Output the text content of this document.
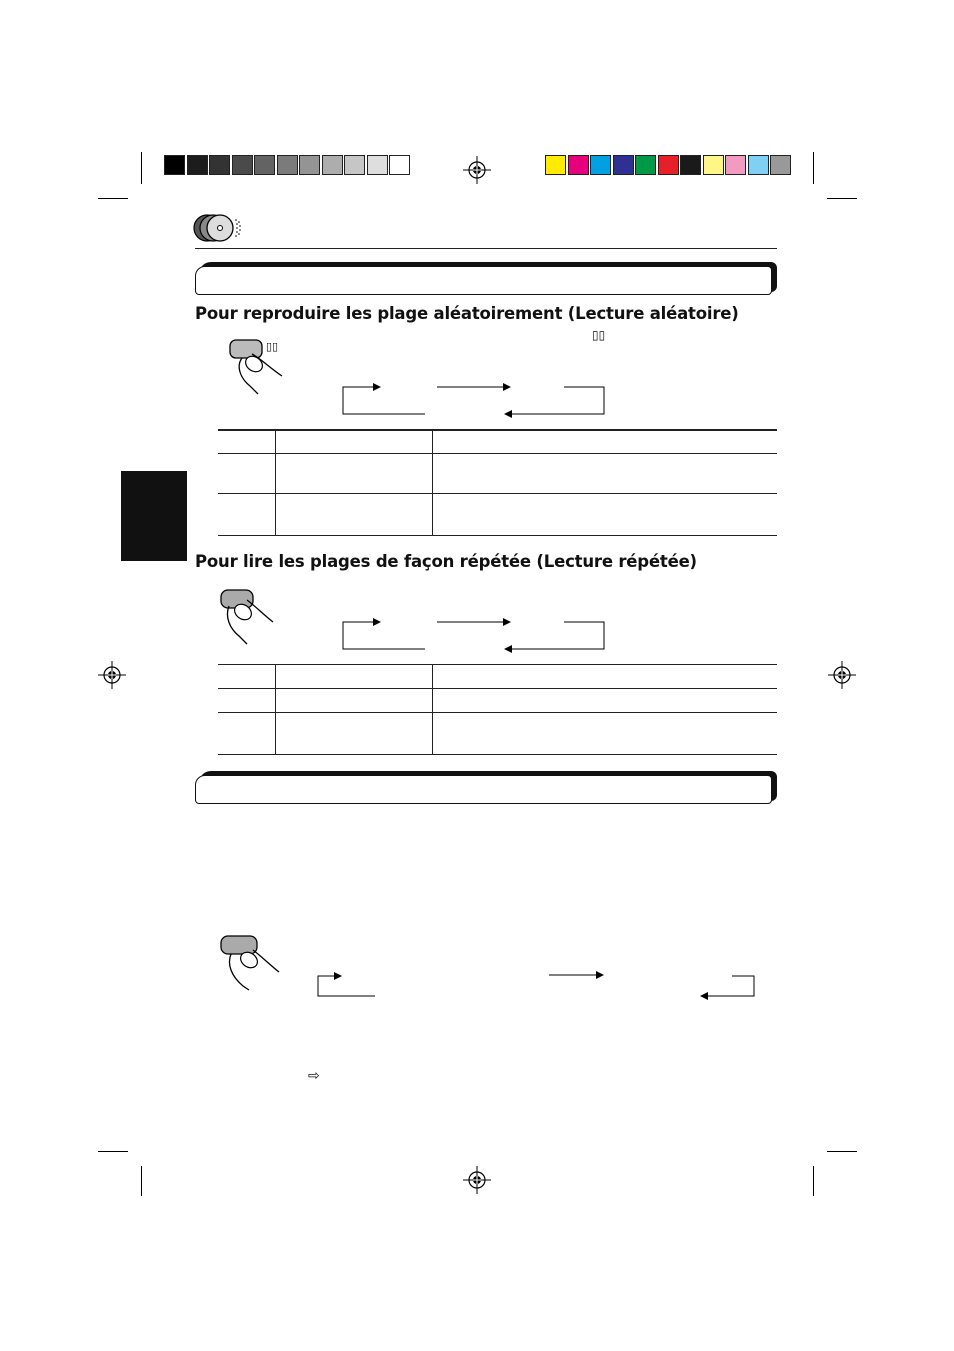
Pour reproduire les plage aléatoirement (Lecture aléatoire)
▯▯
▯▯
Pour lire les plages de façon répétée (Lecture répétée)
⇨
